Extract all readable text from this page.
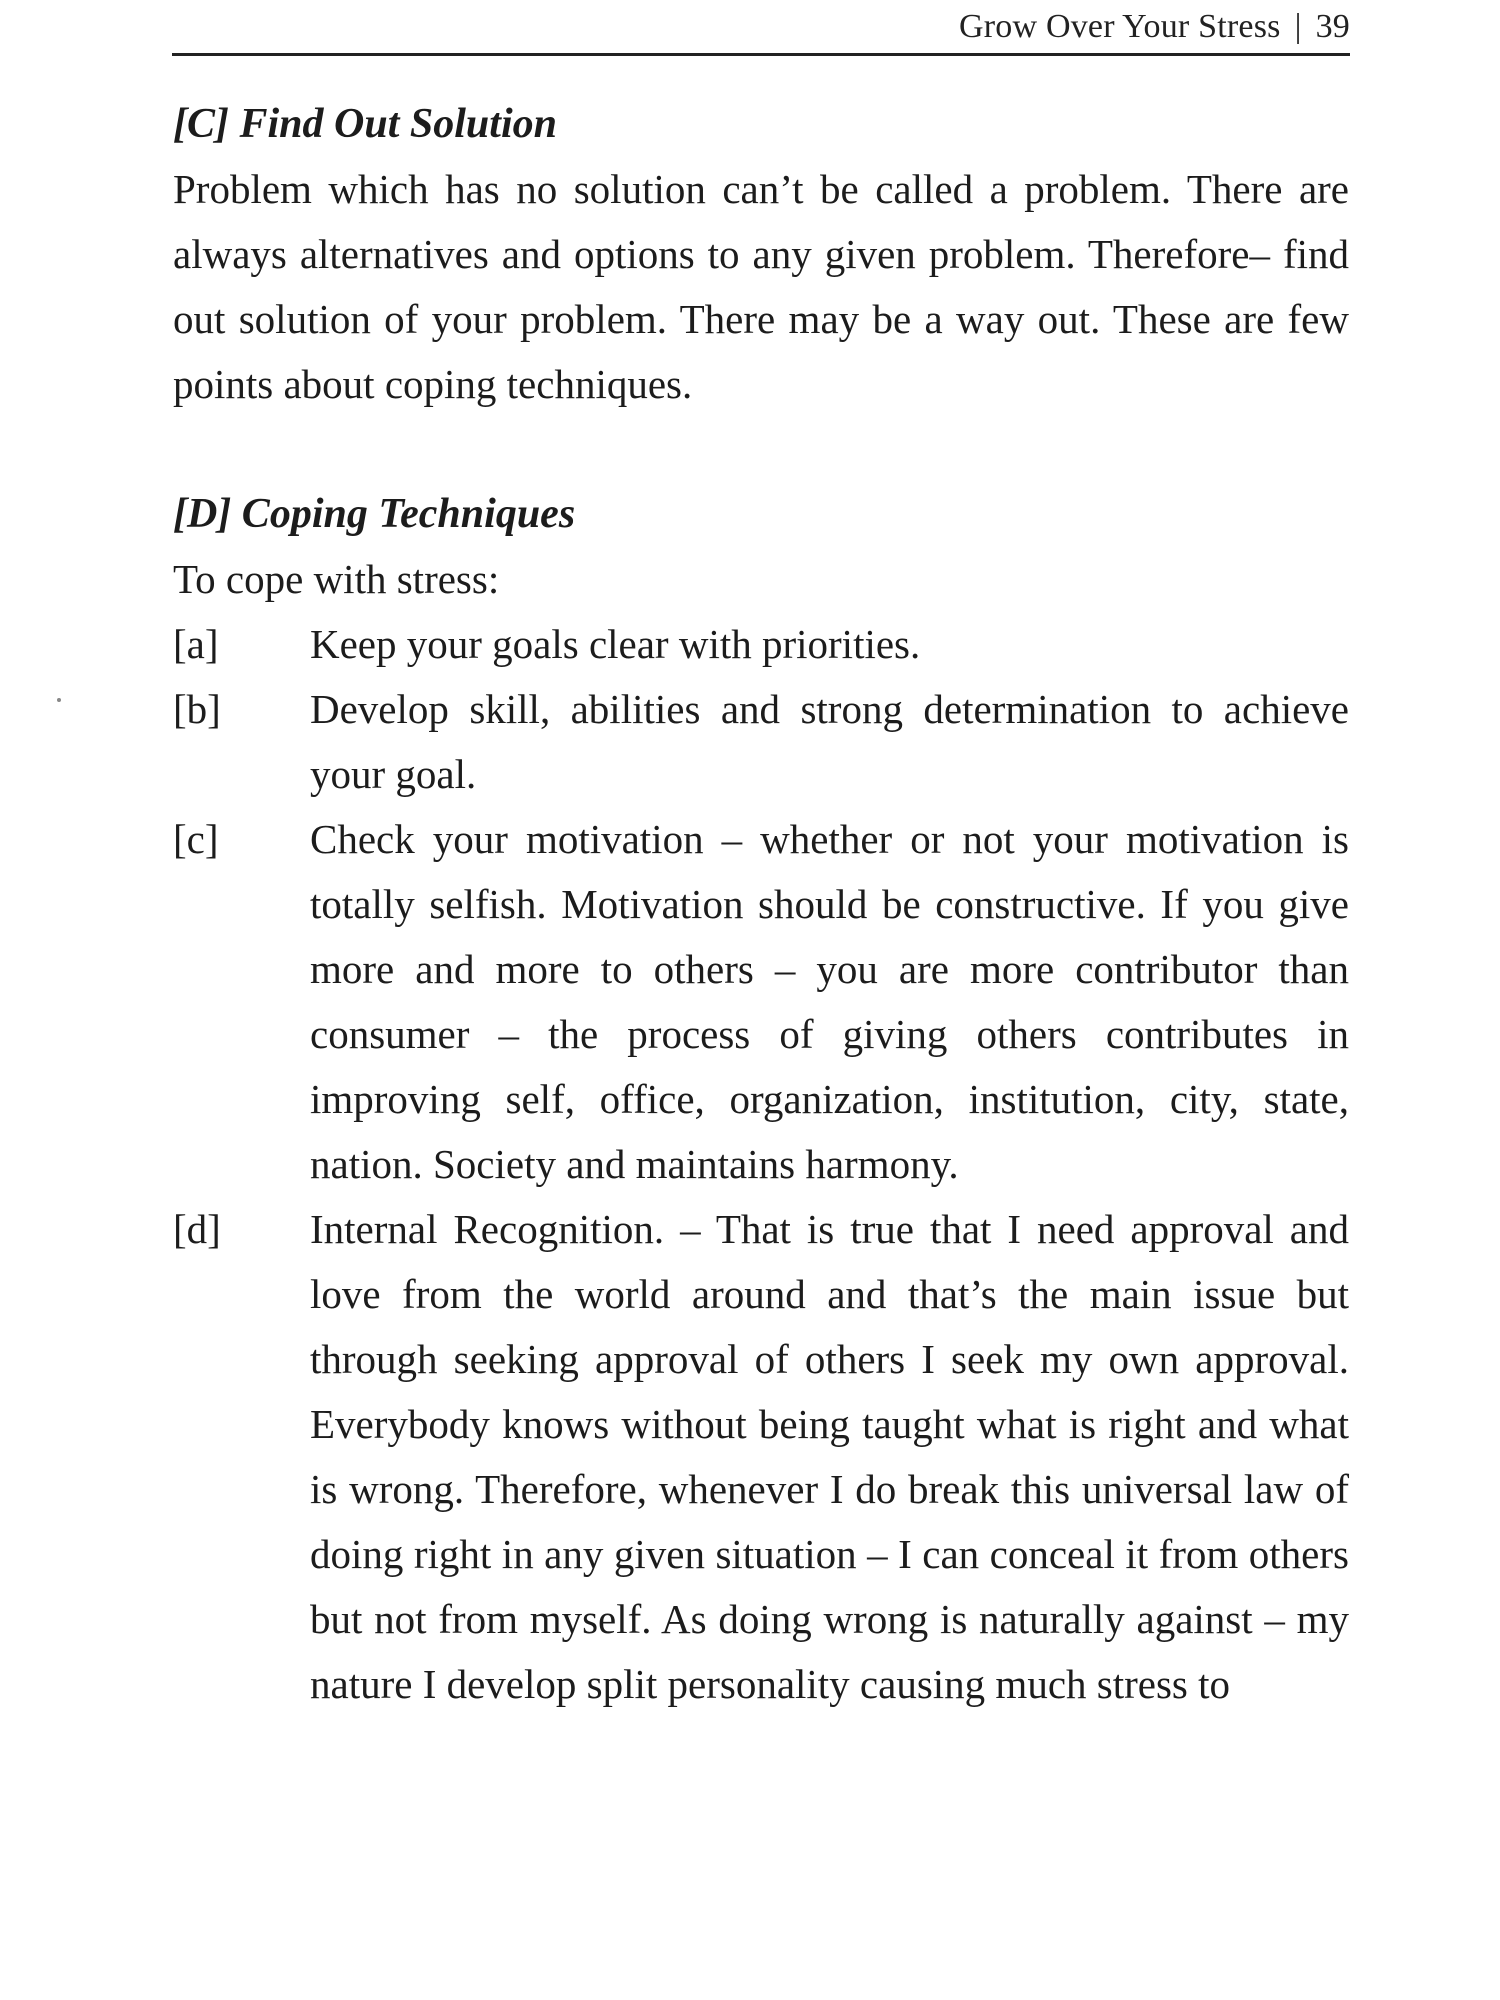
Grow Over Your Stress | 39
[C] Find Out Solution

Problem which has no solution can’t be called a problem. There are always alternatives and options to any given problem. Therefore– find out solution of your problem. There may be a way out. These are few points about coping techniques.

[D] Coping Techniques

To cope with stress:

[a]	Keep your goals clear with priorities.
[b]	Develop skill, abilities and strong determination to achieve your goal.
[c]	Check your motivation – whether or not your motivation is totally selfish. Motivation should be constructive. If you give more and more to others – you are more contributor than consumer – the process of giving others contributes in improving self, office, organization, institution, city, state, nation. Society and maintains harmony.
[d]	Internal Recognition. – That is true that I need approval and love from the world around and that’s the main issue but through seeking approval of others I seek my own approval. Everybody knows without being taught what is right and what is wrong. Therefore, whenever I do break this universal law of doing right in any given situation – I can conceal it from others but not from myself. As doing wrong is naturally against – my nature I develop split personality causing much stress to
